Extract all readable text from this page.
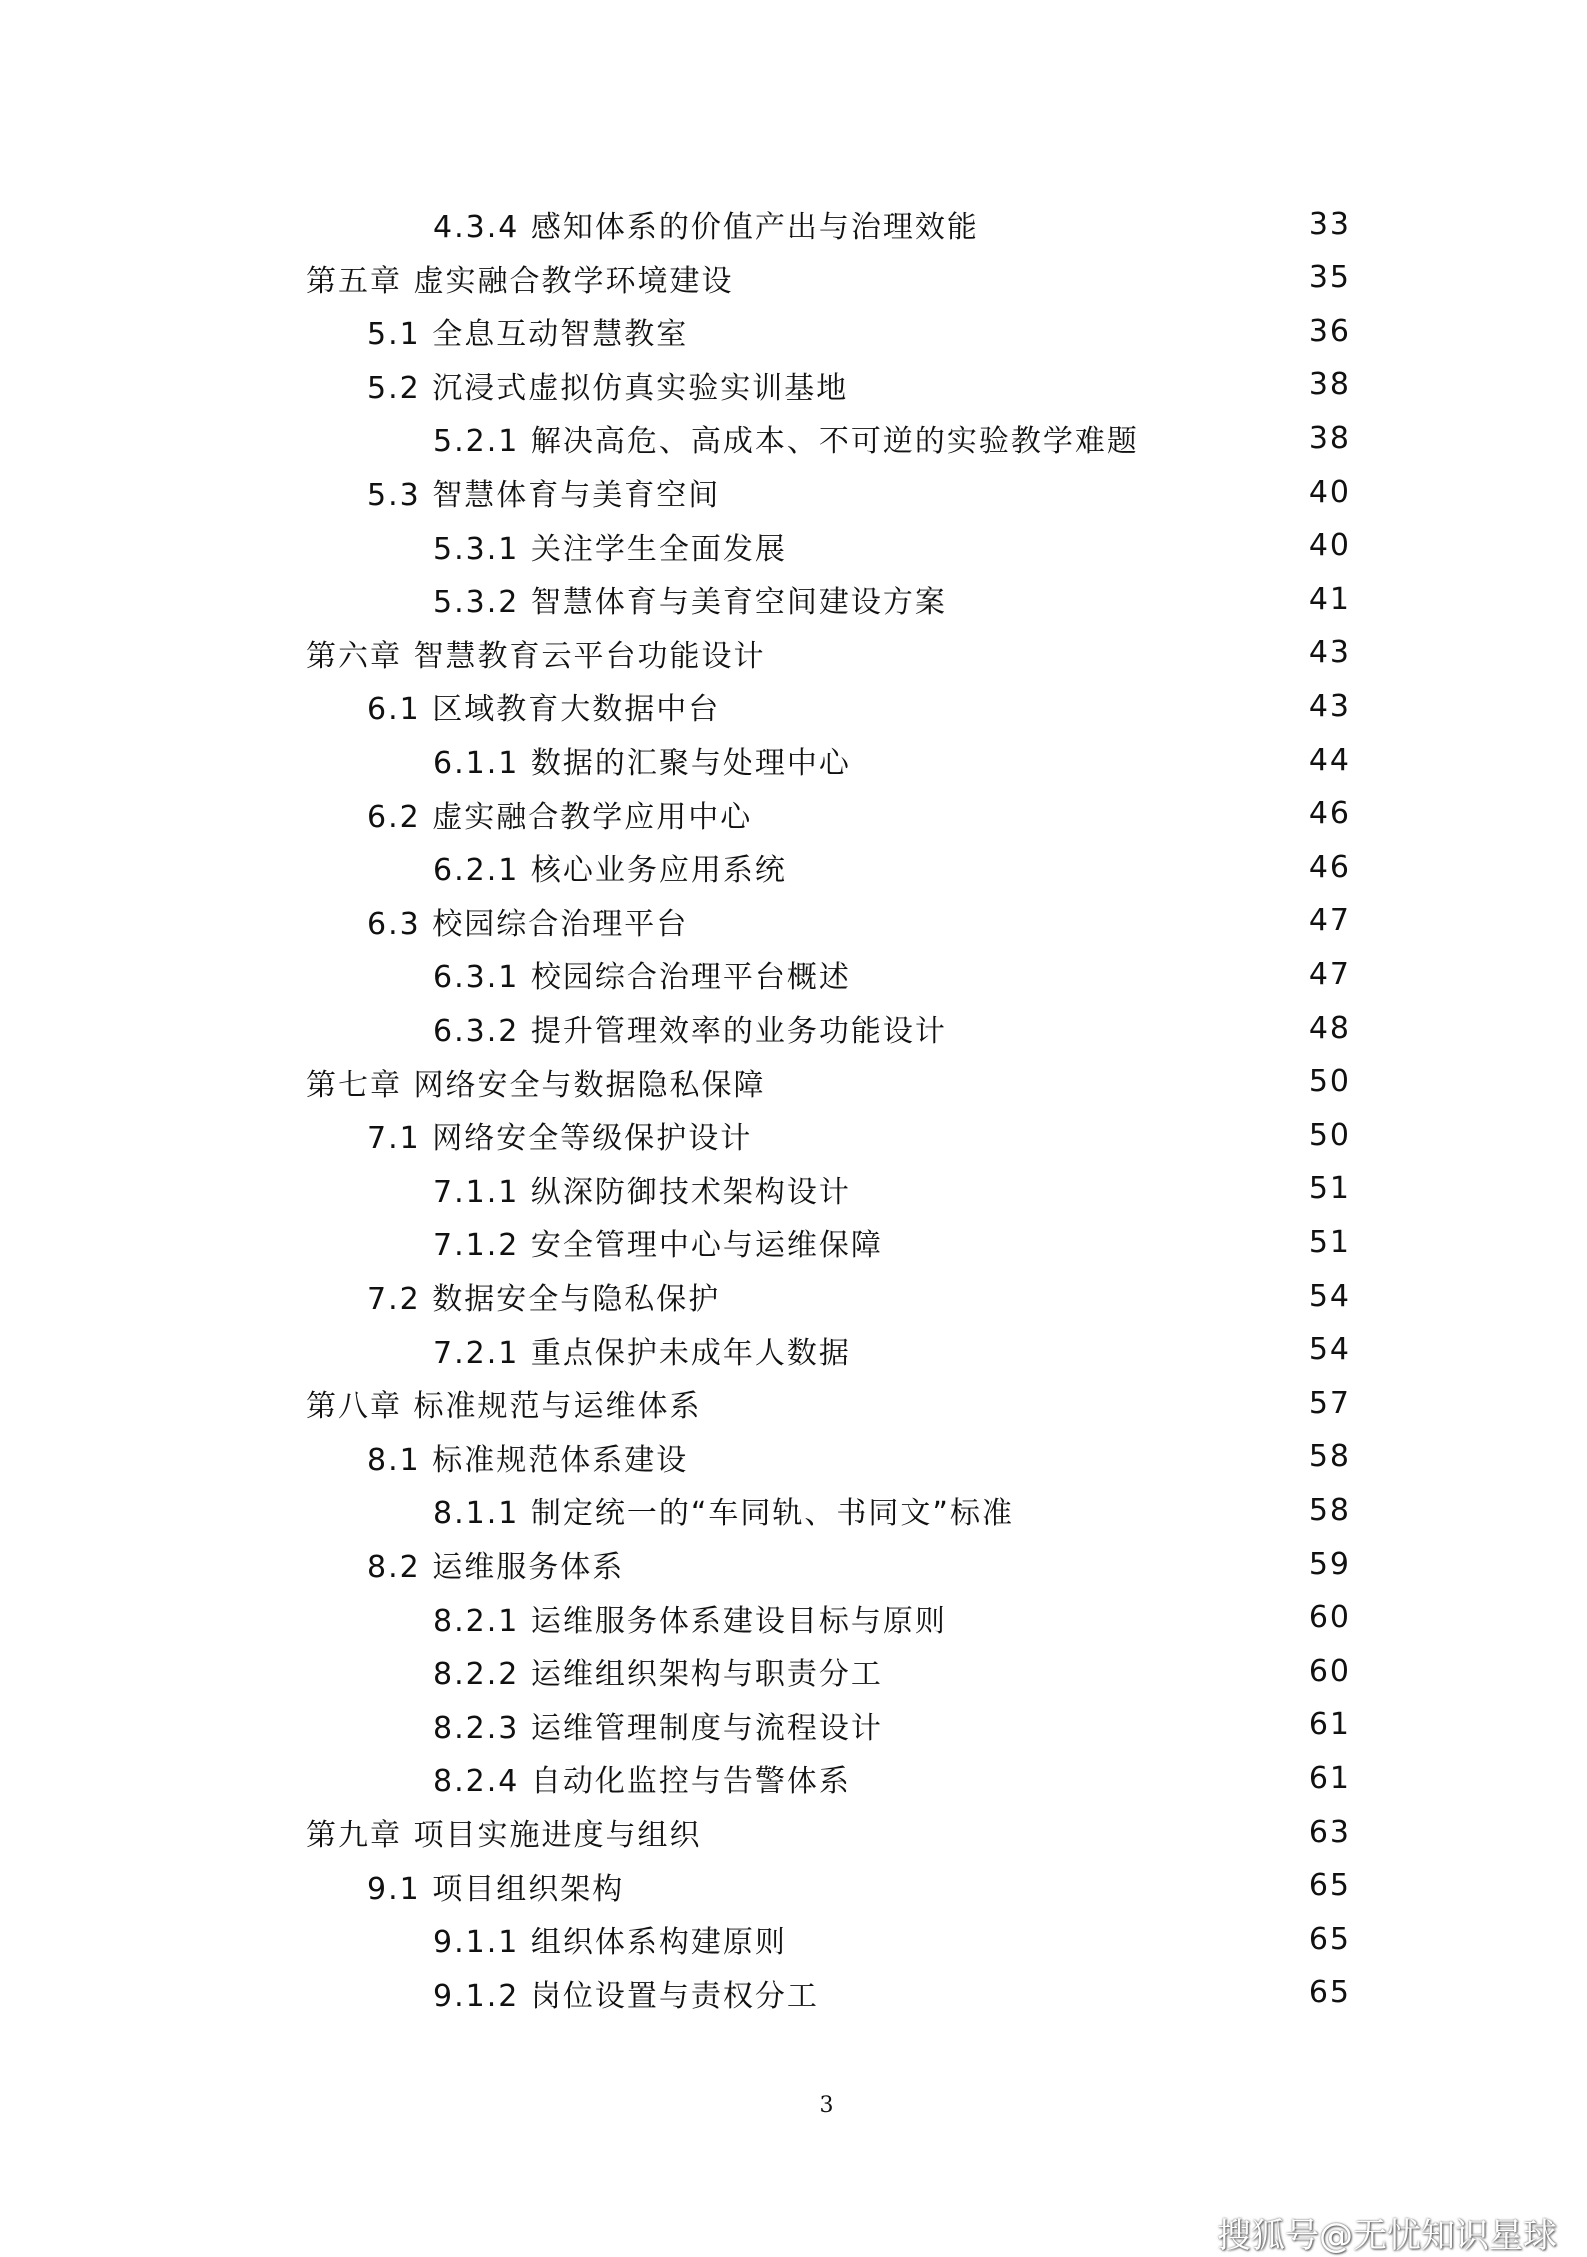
4.3.4 感知体系的价值产出与治理效能	33
第五章 虚实融合教学环境建设	35
5.1 全息互动智慧教室	36
5.2 沉浸式虚拟仿真实验实训基地	38
5.2.1 解决高危、高成本、不可逆的实验教学难题	38
5.3 智慧体育与美育空间	40
5.3.1 关注学生全面发展	40
5.3.2 智慧体育与美育空间建设方案	41
第六章 智慧教育云平台功能设计	43
6.1 区域教育大数据中台	43
6.1.1 数据的汇聚与处理中心	44
6.2 虚实融合教学应用中心	46
6.2.1 核心业务应用系统	46
6.3 校园综合治理平台	47
6.3.1 校园综合治理平台概述	47
6.3.2 提升管理效率的业务功能设计	48
第七章 网络安全与数据隐私保障	50
7.1 网络安全等级保护设计	50
7.1.1 纵深防御技术架构设计	51
7.1.2 安全管理中心与运维保障	51
7.2 数据安全与隐私保护	54
7.2.1 重点保护未成年人数据	54
第八章 标准规范与运维体系	57
8.1 标准规范体系建设	58
8.1.1 制定统一的“车同轨、书同文”标准	58
8.2 运维服务体系	59
8.2.1 运维服务体系建设目标与原则	60
8.2.2 运维组织架构与职责分工	60
8.2.3 运维管理制度与流程设计	61
8.2.4 自动化监控与告警体系	61
第九章 项目实施进度与组织	63
9.1 项目组织架构	65
9.1.1 组织体系构建原则	65
9.1.2 岗位设置与责权分工	65
3
搜狐号@无忧知识星球
